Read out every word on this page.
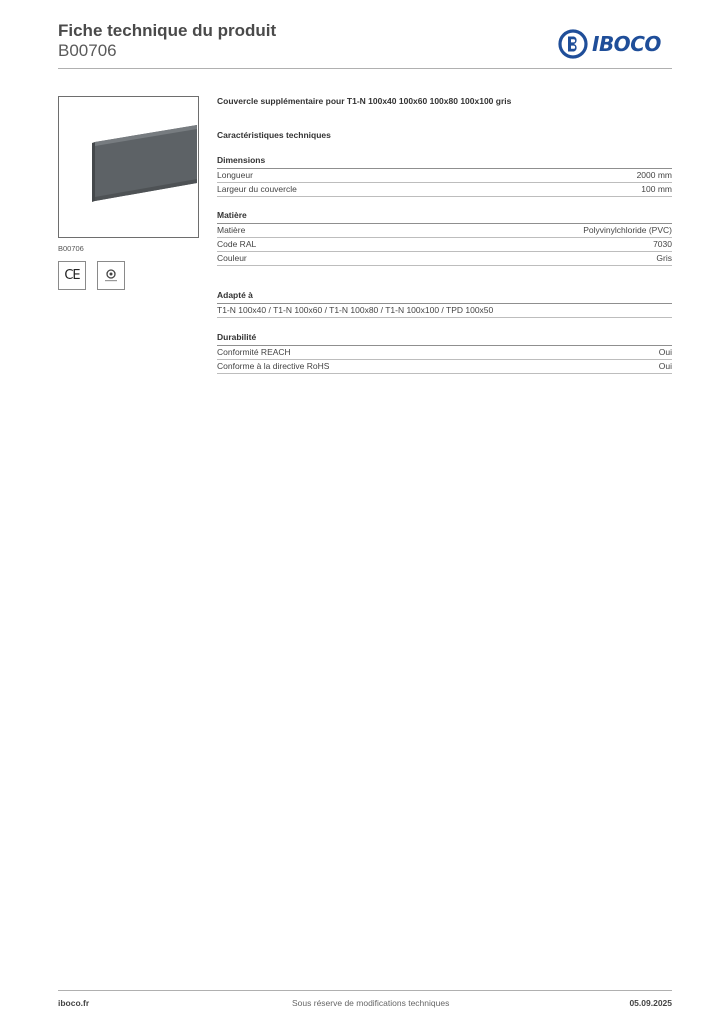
Fiche technique du produit
B00706	IBOCO
B00706
CE
Couvercle supplémentaire pour T1-N 100x40 100x60 100x80 100x100 gris
Caractéristiques techniques
Dimensions
Longueur	2000 mm
Largeur du couvercle	100 mm
Matière
Matière	Polyvinylchloride (PVC)
Code RAL	7030
Couleur	Gris
Adapté à
T1-N 100x40 / T1-N 100x60 / T1-N 100x80 / T1-N 100x100 / TPD 100x50
Durabilité
Conformité REACH	Oui
Conforme à la directive RoHS	Oui
iboco.fr	Sous réserve de modifications techniques	05.09.2025
